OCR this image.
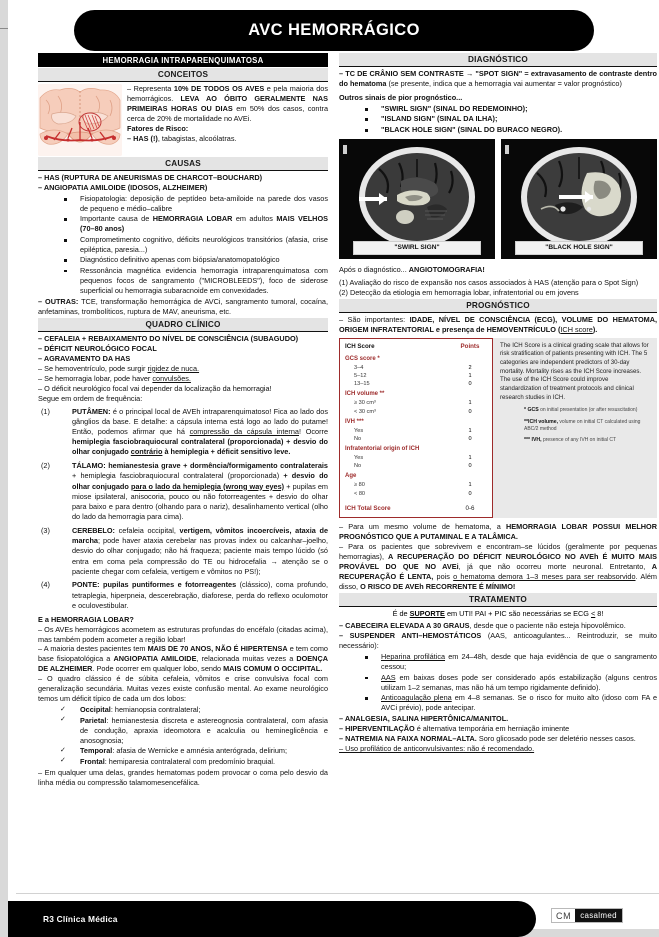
AVC HEMORRÁGICO
HEMORRAGIA INTRAPARENQUIMATOSA
CONCEITOS

– Representa 10% DE TODOS OS AVES e pela maioria dos hemorrágicos. LEVA AO ÓBITO GERALMENTE NAS PRIMEIRAS HORAS OU DIAS em 50% dos casos, contra cerca de 20% de mortalidade no AVEi.

Fatores de Risco:

– HAS (!), tabagistas, alcoólatras.

CAUSAS

– HAS (RUPTURA DE ANEURISMAS DE CHARCOT–BOUCHARD)

– ANGIOPATIA AMILOIDE (IDOSOS, ALZHEIMER)

Fisiopatologia: deposição de peptídeo beta-amiloide na parede dos vasos de pequeno e médio–calibre
Importante causa de HEMORRAGIA LOBAR em adultos MAIS VELHOS (70–80 anos)
Comprometimento cognitivo, déficits neurológicos transitórios (afasia, crise epiléptica, paresia...)
Diagnóstico definitivo apenas com biópsia/anatomopatológico
Ressonância magnética evidencia hemorragia intraparenquimatosa com pequenos focos de sangramento ("MICROBLEEDS"), foco de siderose superficial ou hemorragia subaracnoide em convexidades.

– OUTRAS: TCE, transformação hemorrágica de AVCi, sangramento tumoral, cocaína, anfetaminas, trombolíticos, ruptura de MAV, aneurisma, etc.

QUADRO CLÍNICO

– CEFALEIA + REBAIXAMENTO DO NÍVEL DE CONSCIÊNCIA (SUBAGUDO)

– DÉFICIT NEUROLÓGICO FOCAL

– AGRAVAMENTO DA HAS

– Se hemoventrículo, pode surgir rigidez de nuca.

– Se hemorragia lobar, pode haver convulsões.

– O déficit neurológico focal vai depender da localização da hemorragia!

Segue em ordem de frequência:

(1)	PUTÂMEN: é o principal local de AVEh intraparenquimatoso! Fica ao lado dos gânglios da base. E detalhe: a cápsula interna está logo ao lado do putame! Então, podemos afirmar que há compressão da cápsula interna! Ocorre hemiplegia fasciobraquiocural contralateral (proporcionada) + desvio do olhar conjugado contrário à hemiplegia + déficit sensitivo leve.
(2)	TÁLAMO: hemianestesia grave + dormência/formigamento contralaterais + hemiplegia fasciobraquiocural contralateral (proporcionada) + desvio do olhar conjugado para o lado da hemiplegia (wrong way eyes) + pupilas em miose ipsilateral, anisocoria, pouco ou não fotorreagentes + desvio do olhar para baixo e para dentro (olhando para o nariz), desalinhamento vertical (olho do lado da hemorragia para cima).
(3)	CEREBELO: cefaleia occipital, vertigem, vômitos incoercíveis, ataxia de marcha; pode haver ataxia cerebelar nas provas index ou calcanhar–joelho, desvio do olhar conjugado; não há fraqueza; paciente mais tempo lúcido (só entra em coma pela compressão do TE ou hidrocefalia → atenção se o paciente chegar com cefaleia, vertigem e vômitos no PS!);
(4)	PONTE: pupilas puntiformes e fotorreagentes (clássico), coma profundo, tetraplegia, hiperpneia, descerebração, diaforese, perda do reflexo oculomotor e oculovestibular.

E a HEMORRAGIA LOBAR?

– Os AVEs hemorrágicos acometem as estruturas profundas do encéfalo (citadas acima), mas também podem acometer a região lobar!

– A maioria destes pacientes tem MAIS DE 70 ANOS, NÃO É HIPERTENSA e tem como base fisiopatológica a ANGIOPATIA AMILOIDE, relacionada muitas vezes a DOENÇA DE ALZHEIMER. Pode ocorrer em qualquer lobo, sendo MAIS COMUM O OCCIPITAL.

– O quadro clássico é de súbita cefaleia, vômitos e crise convulsiva focal com generalização secundária. Muitas vezes existe confusão mental. Ao exame neurológico temos um déficit típico de cada um dos lobos:

✓ Occipital: hemianopsia contralateral;
✓ Parietal: hemianestesia discreta e astereognosia contralateral, com afasia de condução, apraxia ideomotora e acalculia ou hemineglicência e anosognosia;
✓ Temporal: afasia de Wernicke e amnésia anterógrada, delirium;
✓ Frontal: hemiparesia contralateral com predomínio braquial.

– Em qualquer uma delas, grandes hematomas podem provocar o coma pelo desvio da linha média ou compressão talamomesencefálica.

DIAGNÓSTICO

– TC DE CRÂNIO SEM CONTRASTE → "SPOT SIGN" = extravasamento de contraste dentro do hematoma (se presente, indica que a hemorragia vai aumentar = valor prognóstico)

Outros sinais de pior prognóstico...

"SWIRL SIGN" (SINAL DO REDEMOINHO);
"ISLAND SIGN" (SINAL DA ILHA);
"BLACK HOLE SIGN" (SINAL DO BURACO NEGRO).
"SWIRL SIGN"	"BLACK HOLE SIGN"

Após o diagnóstico... ANGIOTOMOGRAFIA!

(1) Avaliação do risco de expansão nos casos associados à HAS (atenção para o Spot Sign)

(2) Detecção da etiologia em hemorragia lobar, infratentorial ou em jovens

PROGNÓSTICO

– São importantes: IDADE, NÍVEL DE CONSCIÊNCIA (ECG), VOLUME DO HEMATOMA, ORIGEM INFRATENTORIAL e presença de HEMOVENTRÍCULO (ICH score).

ICH Score	Points
GCS score *	
3–4	2
5–12	1
13–15	0
ICH volume **	
≥ 30 cm³	1
< 30 cm³	0
IVH ***	
Yes	1
No	0
Infratentorial origin of ICH	
Yes	1
No	0
Age	
≥ 80	1
< 80	0
ICH Total Score	0-6
The ICH Score is a clinical grading scale that allows for risk stratification of patients presenting with ICH. The 5 categories are independent predictors of 30-day mortality. Mortality rises as the ICH Score increases. The use of the ICH Score could improve standardization of treatment protocols and clinical research studies in ICH.

* GCS on initial presentation (or after resuscitation)

**ICH volume, volume on initial CT calculated using ABC/2 method

*** IVH, presence of any IVH on initial CT

– Para um mesmo volume de hematoma, a HEMORRAGIA LOBAR POSSUI MELHOR PROGNÓSTICO QUE A PUTAMINAL E A TALÂMICA.

– Para os pacientes que sobrevivem e encontram–se lúcidos (geralmente por pequenas hemorragias), A RECUPERAÇÃO DO DÉFICIT NEUROLÓGICO NO AVEh É MUITO MAIS PROVÁVEL DO QUE NO AVEi, já que não ocorreu morte neuronal. Entretanto, A RECUPERAÇÃO É LENTA, pois o hematoma demora 1–3 meses para ser reabsorvido. Além disso, O RISCO DE AVEh RECORRENTE É MÍNIMO!

TRATAMENTO
É de SUPORTE em UTI! PAI + PIC são necessárias se ECG < 8!

– CABECEIRA ELEVADA A 30 GRAUS, desde que o paciente não esteja hipovolêmico.

– SUSPENDER ANTI–HEMOSTÁTICOS (AAS, anticoagulantes... Reintroduzir, se muito necessário):

Heparina profilática em 24–48h, desde que haja evidência de que o sangramento cessou;
AAS em baixas doses pode ser considerado após estabilização (alguns centros utilizam 1–2 semanas, mas não há um tempo rigidamente definido).
Anticoagulação plena em 4–8 semanas. Se o risco for muito alto (idoso com FA e AVCi prévio), pode antecipar.

– ANALGESIA, SALINA HIPERTÔNICA/MANITOL.

– HIPERVENTILAÇÃO é alternativa temporária em herniação iminente

– NATREMIA NA FAIXA NORMAL–ALTA. Soro glicosado pode ser deletério nesses casos.

– Uso profilático de anticonvulsivantes: não é recomendado.

R3 Clínica Médica	CM	casalmed
